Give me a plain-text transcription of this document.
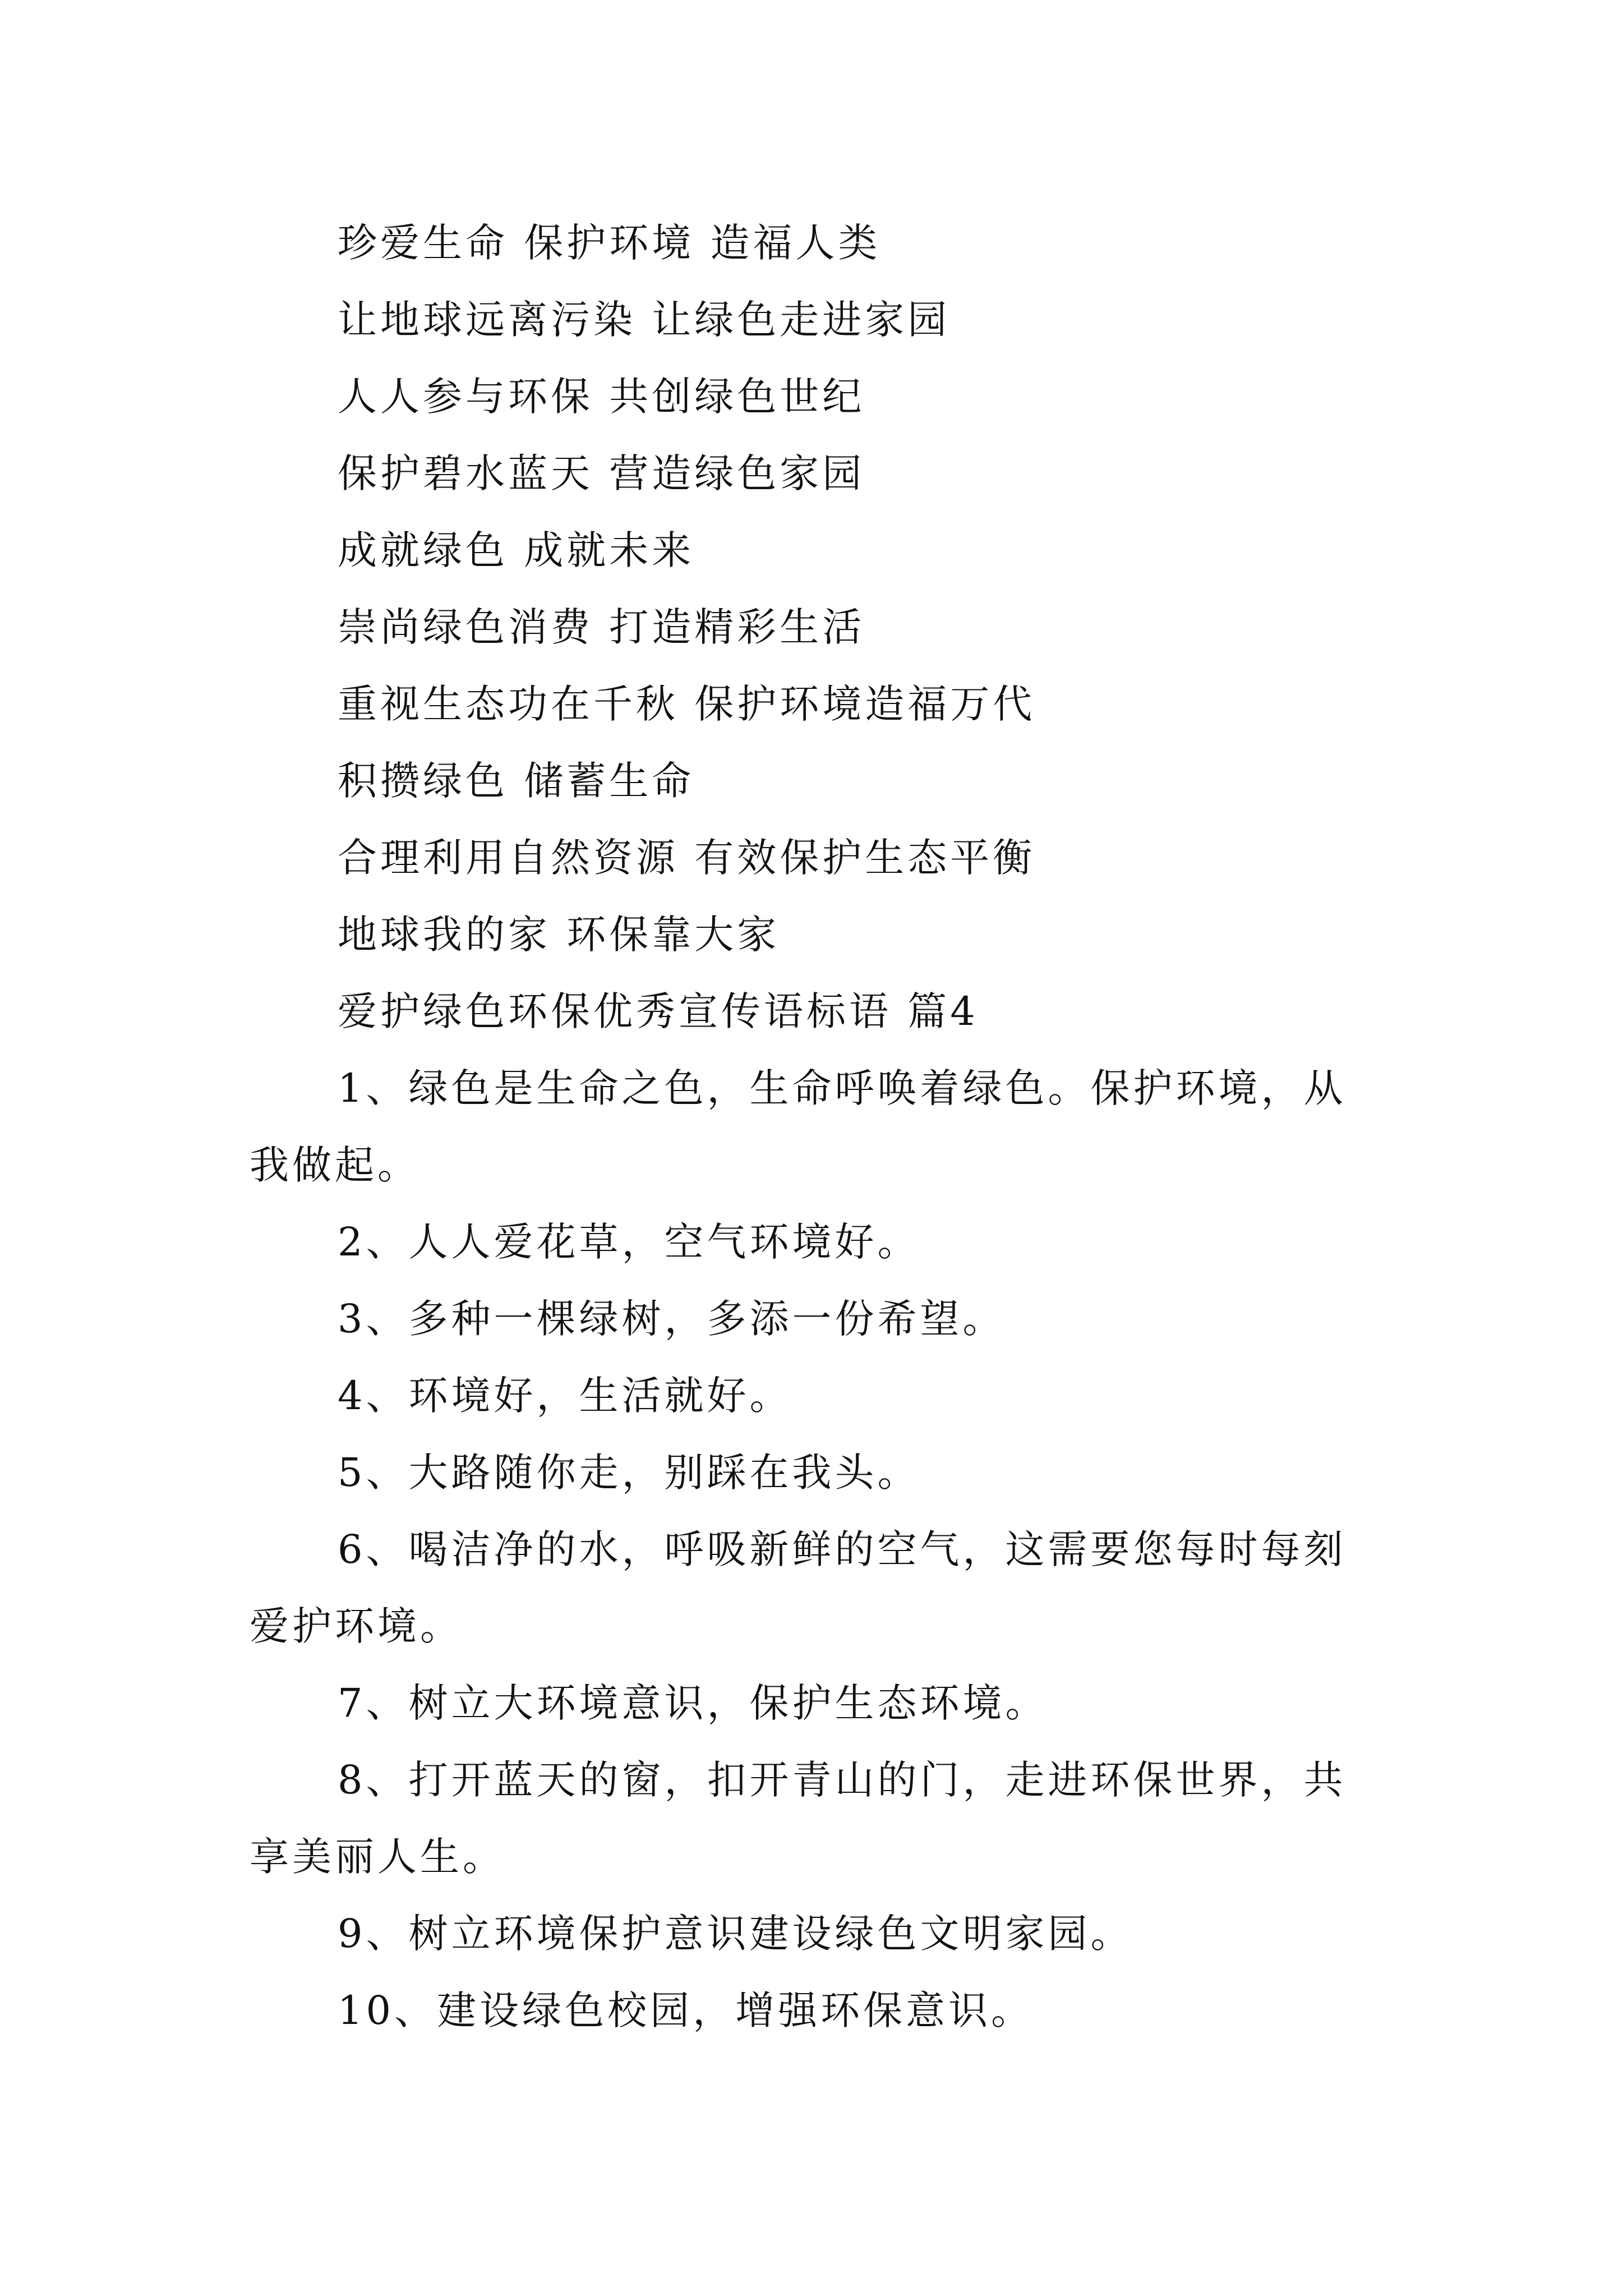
珍爱生命 保护环境 造福人类
让地球远离污染 让绿色走进家园
人人参与环保 共创绿色世纪
保护碧水蓝天 营造绿色家园
成就绿色 成就未来
崇尚绿色消费 打造精彩生活
重视生态功在千秋 保护环境造福万代
积攒绿色 储蓄生命
合理利用自然资源 有效保护生态平衡
地球我的家 环保靠大家
爱护绿色环保优秀宣传语标语 篇4

1、绿色是生命之色，生命呼唤着绿色。保护环境，从我做起。

2、人人爱花草，空气环境好。

3、多种一棵绿树，多添一份希望。

4、环境好，生活就好。

5、大路随你走，别踩在我头。

6、喝洁净的水，呼吸新鲜的空气，这需要您每时每刻爱护环境。

7、树立大环境意识，保护生态环境。

8、打开蓝天的窗，扣开青山的门，走进环保世界，共享美丽人生。

9、树立环境保护意识建设绿色文明家园。

10、建设绿色校园，增强环保意识。
